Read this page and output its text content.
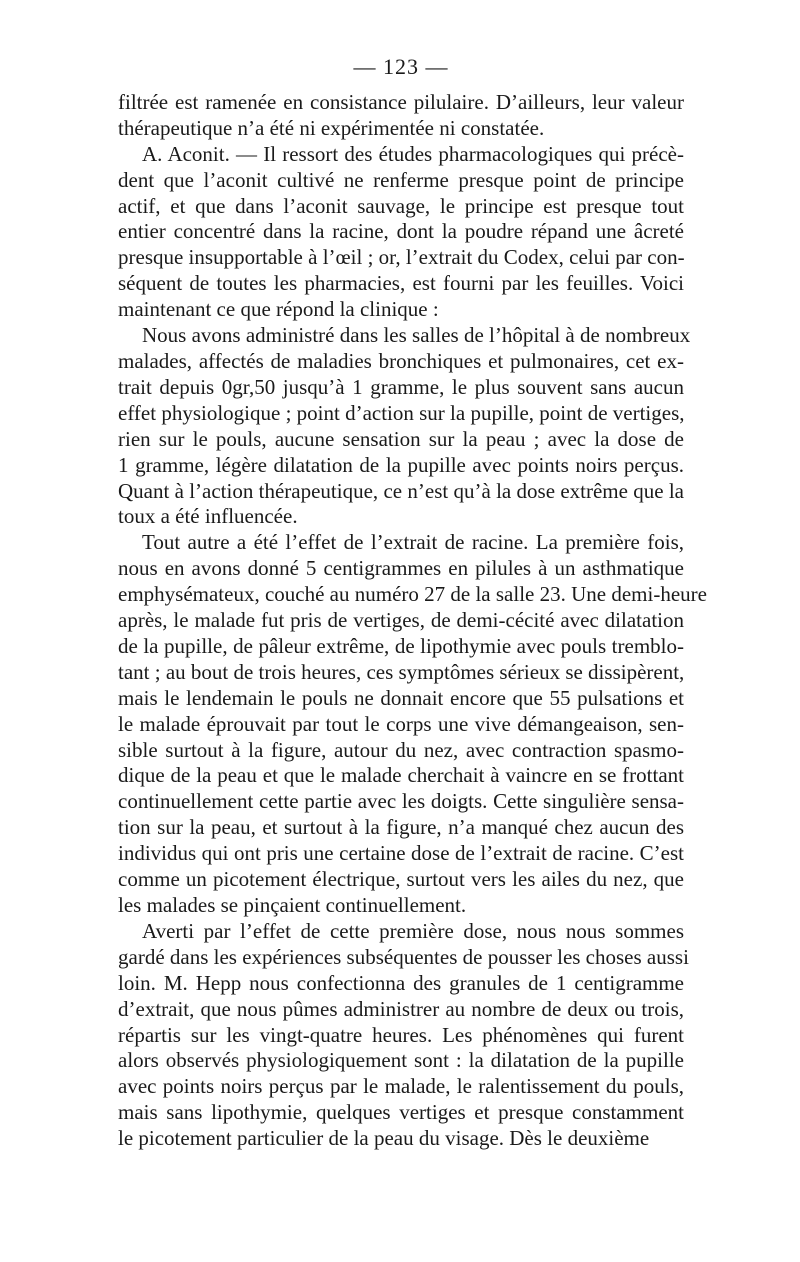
— 123 —
filtrée est ramenée en consistance pilulaire. D’ailleurs, leur valeur
thérapeutique n’a été ni expérimentée ni constatée.
A. Aconit. — Il ressort des études pharmacologiques qui précè-
dent que l’aconit cultivé ne renferme presque point de principe
actif, et que dans l’aconit sauvage, le principe est presque tout
entier concentré dans la racine, dont la poudre répand une âcreté
presque insupportable à l’œil ; or, l’extrait du Codex, celui par con-
séquent de toutes les pharmacies, est fourni par les feuilles. Voici
maintenant ce que répond la clinique :
Nous avons administré dans les salles de l’hôpital à de nombreux
malades, affectés de maladies bronchiques et pulmonaires, cet ex-
trait depuis 0gr,50 jusqu’à 1 gramme, le plus souvent sans aucun
effet physiologique ; point d’action sur la pupille, point de vertiges,
rien sur le pouls, aucune sensation sur la peau ; avec la dose de
1 gramme, légère dilatation de la pupille avec points noirs perçus.
Quant à l’action thérapeutique, ce n’est qu’à la dose extrême que la
toux a été influencée.
Tout autre a été l’effet de l’extrait de racine. La première fois,
nous en avons donné 5 centigrammes en pilules à un asthmatique
emphysémateux, couché au numéro 27 de la salle 23. Une demi-heure
après, le malade fut pris de vertiges, de demi-cécité avec dilatation
de la pupille, de pâleur extrême, de lipothymie avec pouls tremblo-
tant ; au bout de trois heures, ces symptômes sérieux se dissipèrent,
mais le lendemain le pouls ne donnait encore que 55 pulsations et
le malade éprouvait par tout le corps une vive démangeaison, sen-
sible surtout à la figure, autour du nez, avec contraction spasmo-
dique de la peau et que le malade cherchait à vaincre en se frottant
continuellement cette partie avec les doigts. Cette singulière sensa-
tion sur la peau, et surtout à la figure, n’a manqué chez aucun des
individus qui ont pris une certaine dose de l’extrait de racine. C’est
comme un picotement électrique, surtout vers les ailes du nez, que
les malades se pinçaient continuellement.
Averti par l’effet de cette première dose, nous nous sommes
gardé dans les expériences subséquentes de pousser les choses aussi
loin. M. Hepp nous confectionna des granules de 1 centigramme
d’extrait, que nous pûmes administrer au nombre de deux ou trois,
répartis sur les vingt-quatre heures. Les phénomènes qui furent
alors observés physiologiquement sont : la dilatation de la pupille
avec points noirs perçus par le malade, le ralentissement du pouls,
mais sans lipothymie, quelques vertiges et presque constamment
le picotement particulier de la peau du visage. Dès le deuxième
